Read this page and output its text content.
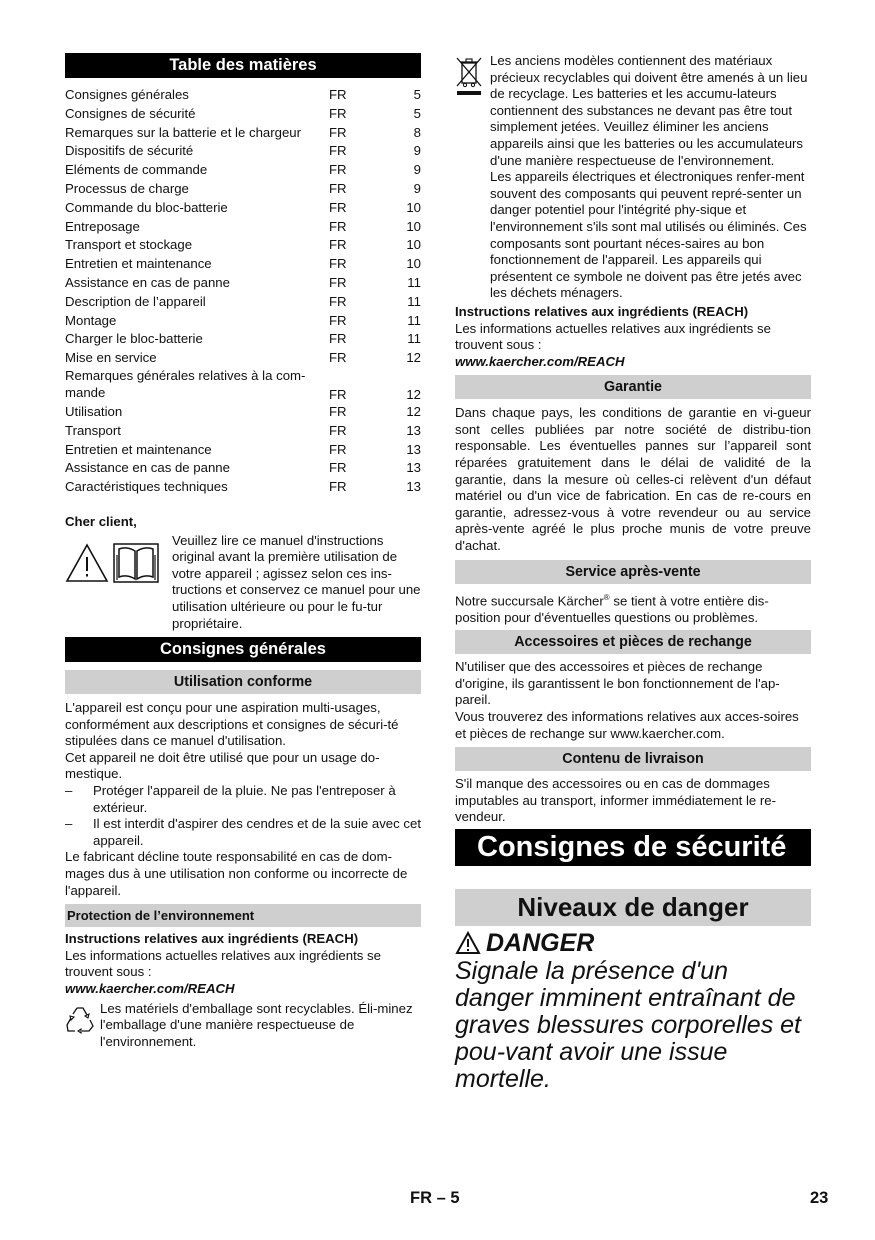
Table des matières
Consignes générales	FR	5
Consignes de sécurité	FR	5
Remarques sur la batterie et le chargeur	FR	8
Dispositifs de sécurité	FR	9
Eléments de commande	FR	9
Processus de charge	FR	9
Commande du bloc-batterie	FR	10
Entreposage	FR	10
Transport et stockage	FR	10
Entretien et maintenance	FR	10
Assistance en cas de panne	FR	11
Description de l’appareil	FR	11
Montage	FR	11
Charger le bloc-batterie	FR	11
Mise en service	FR	12
Remarques générales relatives à la com-
mande	FR	12
Utilisation	FR	12
Transport	FR	13
Entretien et maintenance	FR	13
Assistance en cas de panne	FR	13
Caractéristiques techniques	FR	13

Cher client,

Veuillez lire ce manuel d'instructions original avant la première utilisation de votre appareil ; agissez selon ces ins-tructions et conservez ce manuel pour une utilisation ultérieure ou pour le fu-tur propriétaire.

Consignes générales
Utilisation conforme

L'appareil est conçu pour une aspiration multi-usages, conformément aux descriptions et consignes de sécuri-té stipulées dans ce manuel d'utilisation.

Cet appareil ne doit être utilisé que pour un usage do-mestique.

–	Protéger l'appareil de la pluie. Ne pas l'entreposer à extérieur.
–	Il est interdit d'aspirer des cendres et de la suie avec cet appareil.

Le fabricant décline toute responsabilité en cas de dom-mages dus à une utilisation non conforme ou incorrecte de l'appareil.

Protection de l’environnement

Instructions relatives aux ingrédients (REACH)

Les informations actuelles relatives aux ingrédients se trouvent sous :

www.kaercher.com/REACH

Les matériels d'emballage sont recyclables. Éli-minez l'emballage d'une manière respectueuse de l'environnement.

Les anciens modèles contiennent des matériaux précieux recyclables qui doivent être amenés à un lieu de recyclage. Les batteries et les accumu-lateurs contiennent des substances ne devant pas être tout simplement jetées. Veuillez éliminer les anciens appareils ainsi que les batteries ou les accumulateurs d'une manière respectueuse de l'environnement.

Les appareils électriques et électroniques renfer-ment souvent des composants qui peuvent repré-senter un danger potentiel pour l'intégrité phy-sique et l'environnement s'ils sont mal utilisés ou éliminés. Ces composants sont pourtant néces-saires au bon fonctionnement de l'appareil. Les appareils qui présentent ce symbole ne doivent pas être jetés avec les déchets ménagers.

Instructions relatives aux ingrédients (REACH)

Les informations actuelles relatives aux ingrédients se trouvent sous :

www.kaercher.com/REACH

Garantie

Dans chaque pays, les conditions de garantie en vi-gueur sont celles publiées par notre société de distribu-tion responsable. Les éventuelles pannes sur l’appareil sont réparées gratuitement dans le délai de validité de la garantie, dans la mesure où celles-ci relèvent d'un défaut matériel ou d'un vice de fabrication. En cas de re-cours en garantie, adressez-vous à votre revendeur ou au service après-vente agréé le plus proche munis de votre preuve d'achat.

Service après-vente

Notre succursale Kärcher® se tient à votre entière dis-position pour d'éventuelles questions ou problèmes.

Accessoires et pièces de rechange

N'utiliser que des accessoires et pièces de rechange d'origine, ils garantissent le bon fonctionnement de l'ap-pareil.

Vous trouverez des informations relatives aux acces-soires et pièces de rechange sur www.kaercher.com.

Contenu de livraison

S'il manque des accessoires ou en cas de dommages imputables au transport, informer immédiatement le re-vendeur.

Consignes de sécurité
Niveaux de danger
DANGER

Signale la présence d'un danger imminent entraînant de graves blessures corporelles et pou-vant avoir une issue mortelle.

FR – 5	23
